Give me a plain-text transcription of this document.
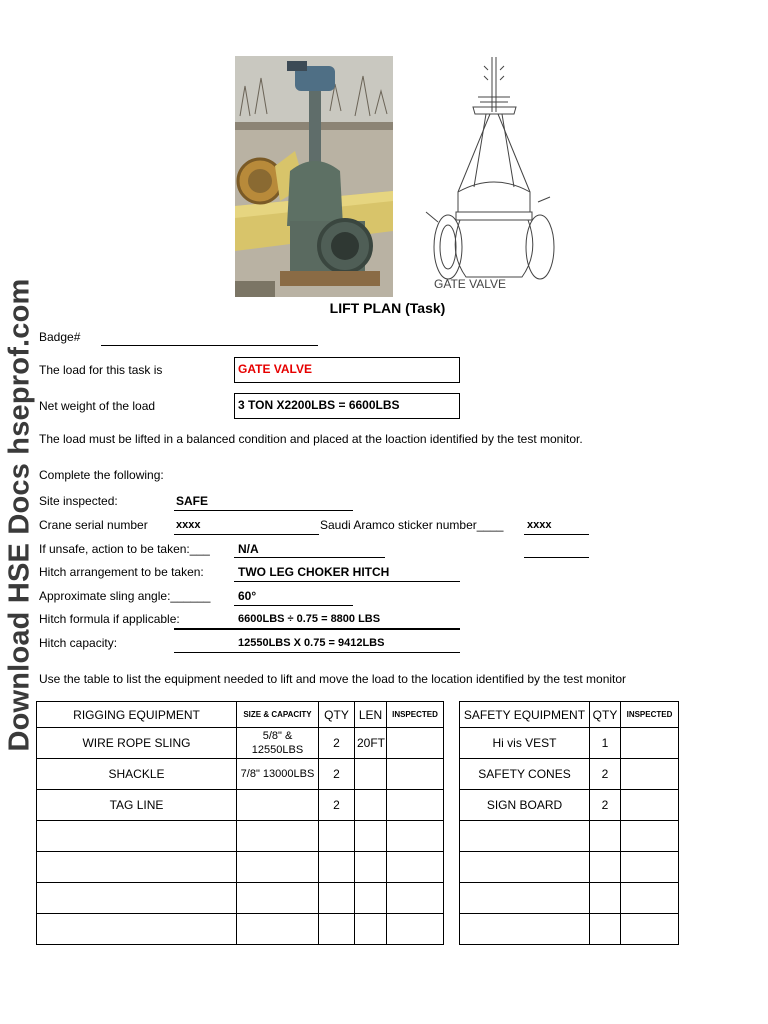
Download HSE Docs hseprof.com	GATE VALVE
LIFT PLAN (Task)
Badge#
The load for this task is	GATE VALVE
Net weight of the load	3 TON X2200LBS = 6600LBS
The load must be lifted in a balanced condition and placed at the loaction identified by the test monitor.
Complete the following:
Site inspected:	SAFE
Crane serial number	xxxx	Saudi Aramco sticker number____ xxxx
If unsafe, action to be taken:___ N/A
Hitch arrangement to be taken:	TWO LEG CHOKER HITCH
Approximate sling angle:______ 60°
Hitch formula if applicable:	6600LBS ÷ 0.75 = 8800 LBS
Hitch capacity:	12550LBS X 0.75 = 9412LBS
Use the table to list the equipment needed to lift and move the load to the location identified by the test monitor
RIGGING EQUIPMENT	SIZE & CAPACITY	QTY	LEN	INSPECTED
WIRE ROPE SLING	5/8" & 12550LBS	2	20FT	
SHACKLE	7/8" 13000LBS	2		
TAG LINE		2		

SAFETY EQUIPMENT	QTY	INSPECTED
Hi vis VEST	1	
SAFETY CONES	2	
SIGN BOARD	2	
